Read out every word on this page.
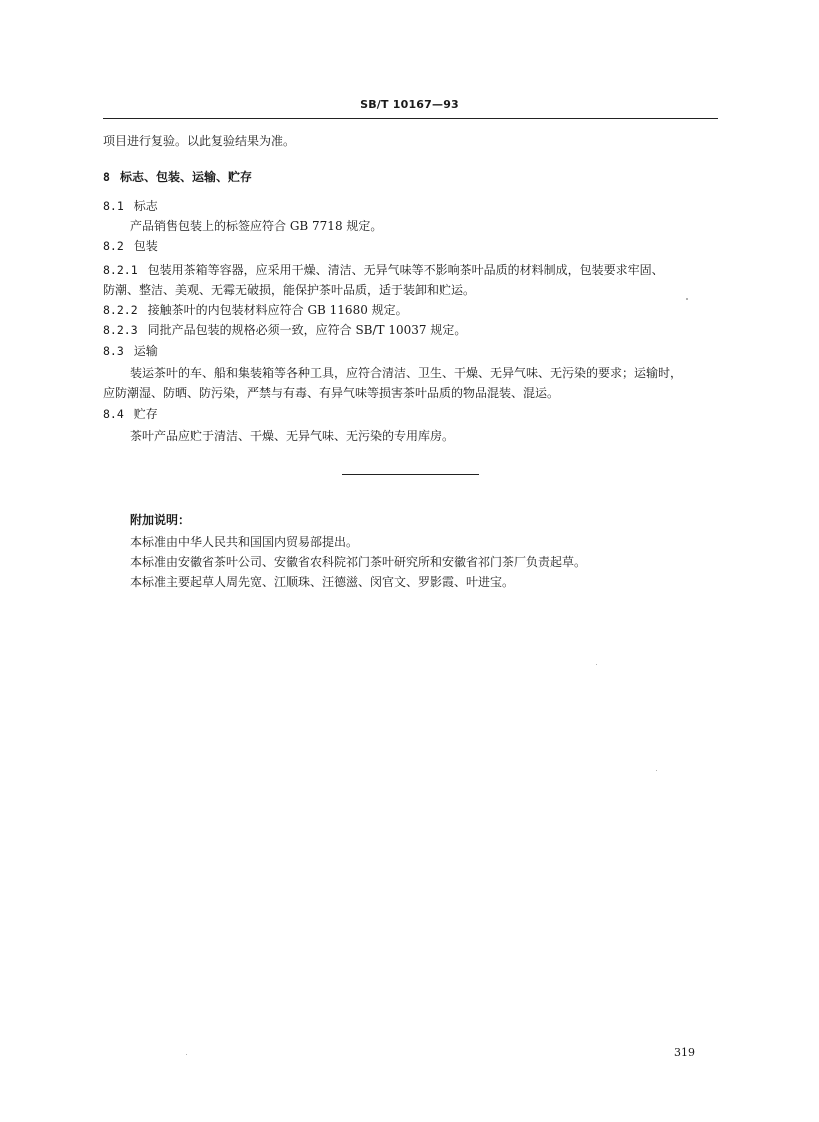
SB/T 10167—93
项目进行复验。以此复验结果为准。
8 标志、包装、运输、贮存
8.1 标志
产品销售包装上的标签应符合 GB 7718 规定。
8.2 包装
8.2.1 包装用茶箱等容器，应采用干燥、清洁、无异气味等不影响茶叶品质的材料制成，包装要求牢固、
防潮、整洁、美观、无霉无破损，能保护茶叶品质，适于装卸和贮运。
8.2.2 接触茶叶的内包装材料应符合 GB 11680 规定。
8.2.3 同批产品包装的规格必须一致，应符合 SB/T 10037 规定。
8.3 运输
装运茶叶的车、船和集装箱等各种工具，应符合清洁、卫生、干燥、无异气味、无污染的要求；运输时，
应防潮湿、防晒、防污染，严禁与有毒、有异气味等损害茶叶品质的物品混装、混运。
8.4 贮存
茶叶产品应贮于清洁、干燥、无异气味、无污染的专用库房。
附加说明：
本标准由中华人民共和国国内贸易部提出。
本标准由安徽省茶叶公司、安徽省农科院祁门茶叶研究所和安徽省祁门茶厂负责起草。
本标准主要起草人周先宽、江顺珠、汪德滋、闵官文、罗影霞、叶进宝。
319
